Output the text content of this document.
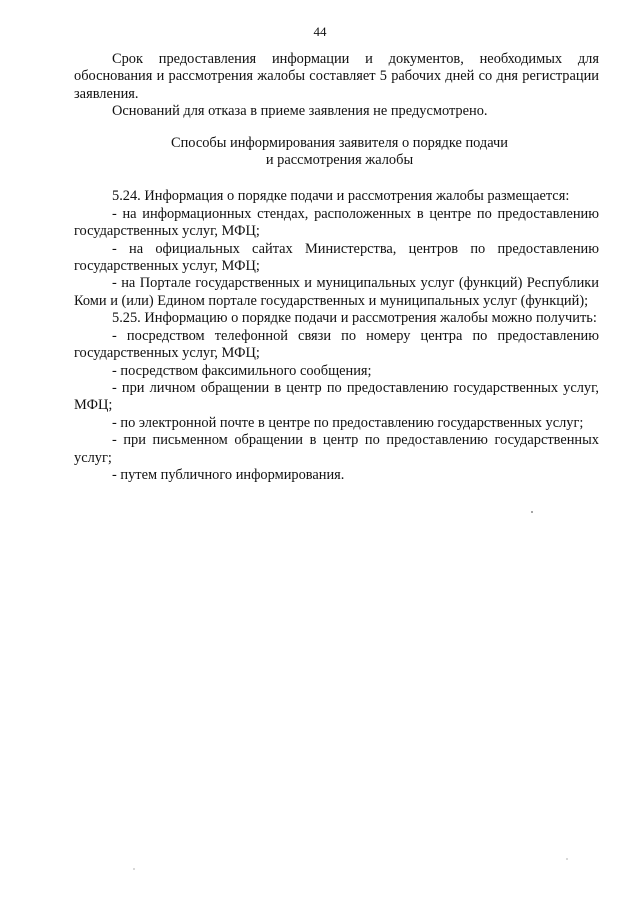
44

Срок предоставления информации и документов, необходимых для обоснования и рассмотрения жалобы составляет 5 рабочих дней со дня регистрации заявления.

Оснований для отказа в приеме заявления не предусмотрено.

Способы информирования заявителя о порядке подачи

и рассмотрения жалобы

5.24. Информация о порядке подачи и рассмотрения жалобы размещается:

- на информационных стендах, расположенных в центре по предоставлению государственных услуг, МФЦ;

- на официальных сайтах Министерства, центров по предоставлению государственных услуг, МФЦ;

- на Портале государственных и муниципальных услуг (функций) Республики Коми и (или) Едином портале государственных и муниципальных услуг (функций);

5.25. Информацию о порядке подачи и рассмотрения жалобы можно получить:

- посредством телефонной связи по номеру центра по предоставлению государственных услуг, МФЦ;

- посредством факсимильного сообщения;

- при личном обращении в центр по предоставлению государственных услуг, МФЦ;

- по электронной почте в центре по предоставлению государственных услуг;

- при письменном обращении в центр по предоставлению государственных услуг;

- путем публичного информирования.
